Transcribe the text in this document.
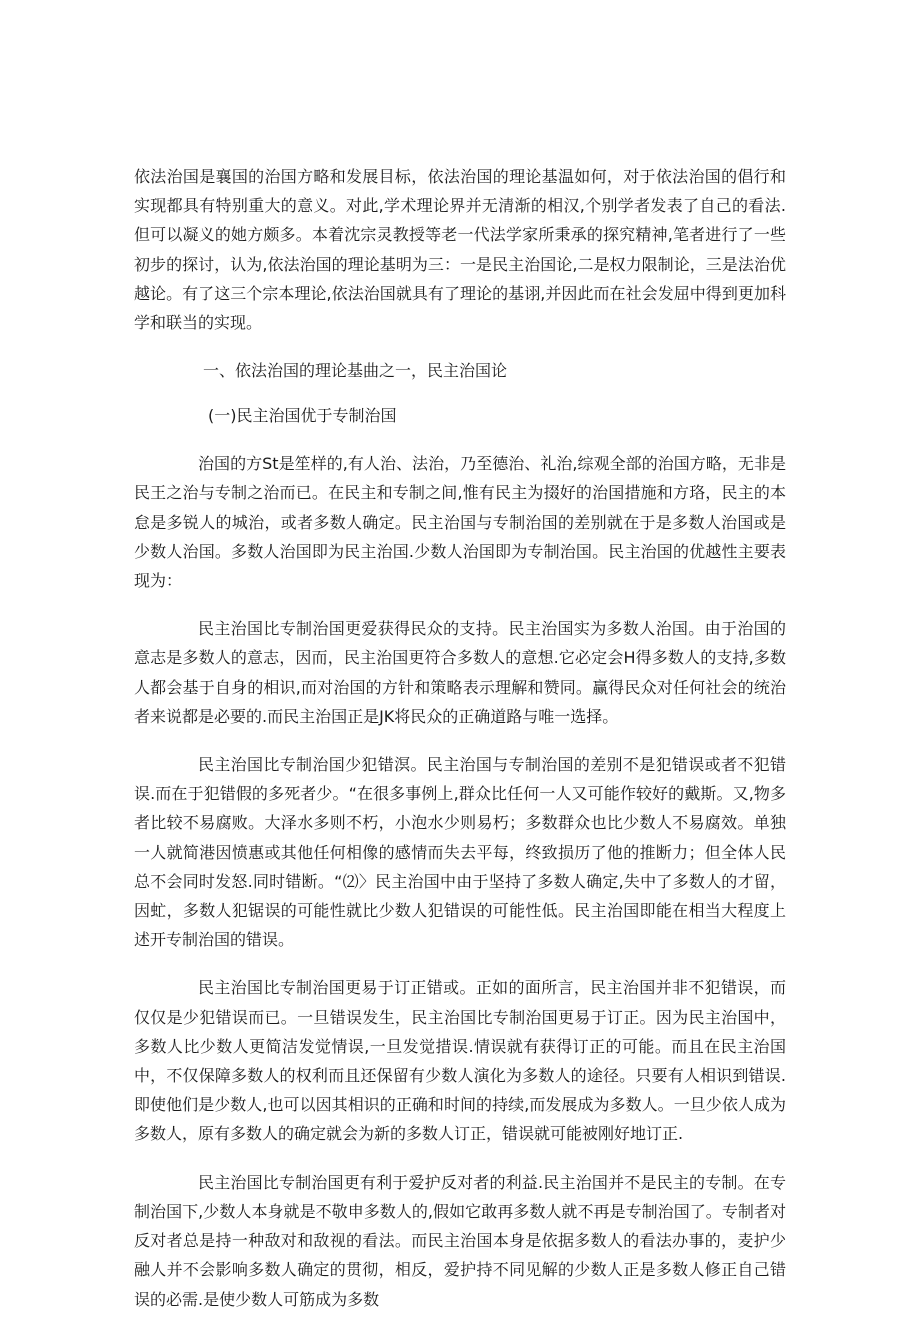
依法治国是襄国的治国方略和发展目标，依法治国的理论基温如何，对于依法治国的倡行和实现都具有特别重大的意义。对此,学术理论界并无清渐的相汉,个别学者发表了自己的看法.但可以凝义的她方颇多。本着沈宗灵教授等老一代法学家所秉承的探究精神,笔者进行了一些初步的探讨，认为,依法治国的理论基明为三：一是民主治国论,二是权力限制论，三是法治优越论。有了这三个宗本理论,依法治国就具有了理论的基诩,并因此而在社会发屈中得到更加科学和联当的实现。

一、依法治国的理论基曲之一，民主治国论
(一)民主治国优于专制治国

治国的方St是笙样的,有人治、法治，乃至德治、礼治,综观全部的治国方略，无非是民王之治与专制之治而已。在民主和专制之间,惟有民主为掇好的治国措施和方珞，民主的本怠是多锐人的城治，或者多数人确定。民主治国与专制治国的差别就在于是多数人治国或是少数人治国。多数人治国即为民主治国.少数人治国即为专制治国。民主治国的优越性主要表现为：

民主治国比专制治国更爱获得民众的支持。民主治国实为多数人治国。由于治国的意志是多数人的意志，因而，民主治国更符合多数人的意想.它必定会H得多数人的支持,多数人都会基于自身的相识,而对治国的方针和策略表示理解和赞同。赢得民众对任何社会的统治者来说都是必要的.而民主治国正是JK将民众的正确道路与唯一选择。

民主治国比专制治国少犯错溟。民主治国与专制治国的差别不是犯错误或者不犯错误.而在于犯错假的多死者少。“在很多事例上,群众比任何一人又可能作较好的戴斯。又,物多者比较不易腐败。大泽水多则不朽，小泡水少则易朽；多数群众也比少数人不易腐效。单独一人就简港因愤惠或其他任何相像的感情而失去平每，终致损历了他的推断力；但全体人民总不会同时发怒.同时错断。“⑵〉民主治国中由于坚持了多数人确定,失中了多数人的才留，因虻，多数人犯锯误的可能性就比少数人犯错误的可能性低。民主治国即能在相当大程度上述开专制治国的错误。

民主治国比专制治国更易于订正错或。正如的面所言，民主治国并非不犯错误，而仅仅是少犯错误而已。一旦错误发生，民主治国比专制治国更易于订正。因为民主治国中，多数人比少数人更简洁发觉情误,一旦发觉措误.情误就有获得订正的可能。而且在民主治国中，不仅保障多数人的权利而且还保留有少数人演化为多数人的途径。只要有人相识到错误.即使他们是少数人,也可以因其相识的正确和时间的持续,而发展成为多数人。一旦少依人成为多数人，原有多数人的确定就会为新的多数人订正，错误就可能被刚好地订正.

民主治国比专制治国更有利于爱护反对者的利益.民主治国并不是民主的专制。在专制治国下,少数人本身就是不敬申多数人的,假如它敢再多数人就不再是专制治国了。专制者对反对者总是持一种敌对和敌视的看法。而民主治国本身是依据多数人的看法办事的，麦护少融人并不会影响多数人确定的贯彻，相反，爱护持不同见解的少数人正是多数人修正自己错误的必需.是使少数人可筋成为多数
